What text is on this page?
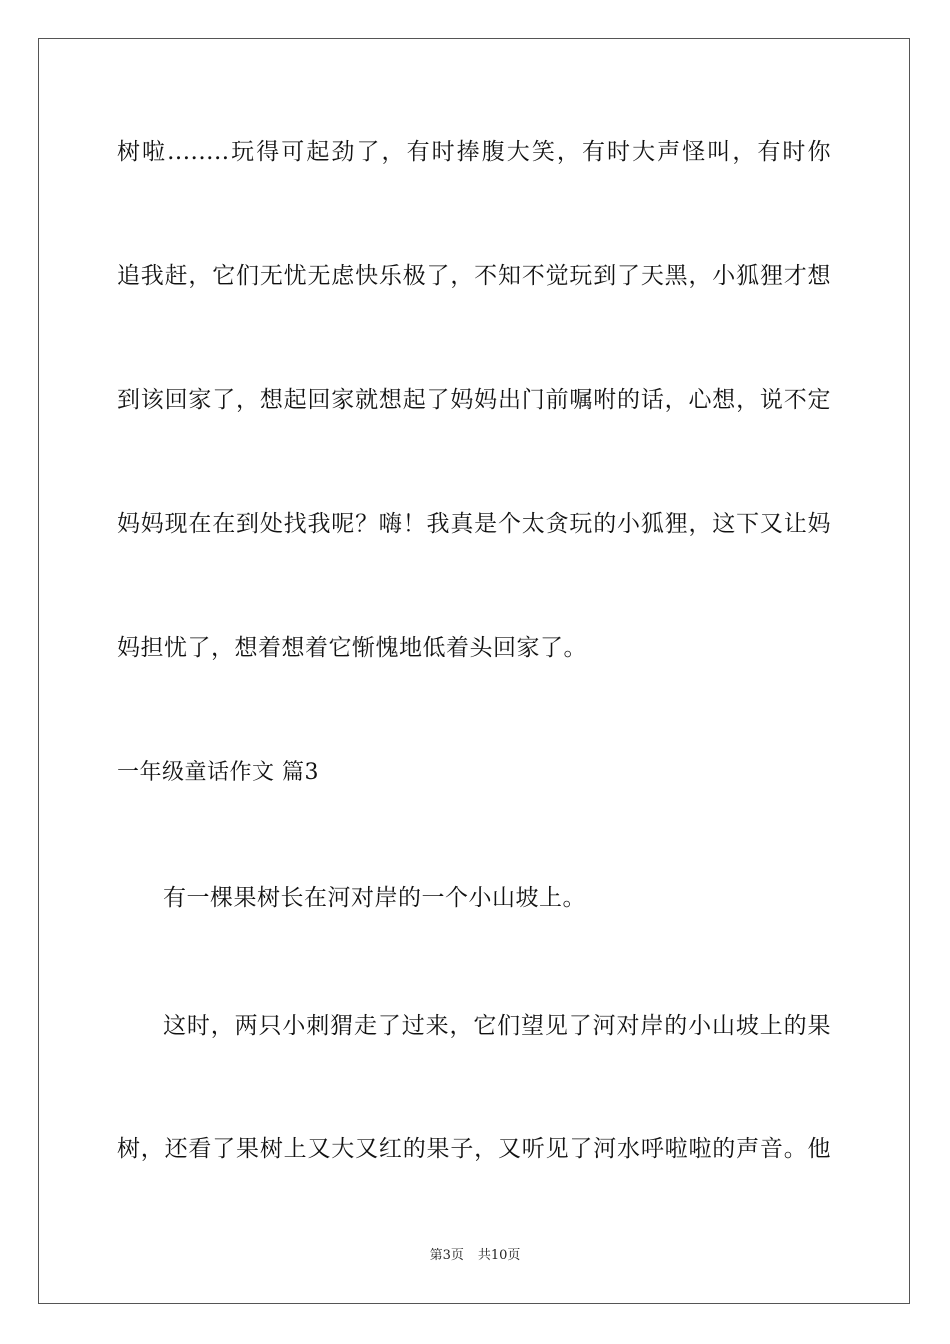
树啦........玩得可起劲了，有时捧腹大笑，有时大声怪叫，有时你
追我赶，它们无忧无虑快乐极了，不知不觉玩到了天黑，小狐狸才想
到该回家了，想起回家就想起了妈妈出门前嘱咐的话，心想，说不定
妈妈现在在到处找我呢？嗨！我真是个太贪玩的小狐狸，这下又让妈
妈担忧了，想着想着它惭愧地低着头回家了。
一年级童话作文 篇3
有一棵果树长在河对岸的一个小山坡上。
这时，两只小刺猬走了过来，它们望见了河对岸的小山坡上的果
树，还看了果树上又大又红的果子，又听见了河水呼啦啦的声音。他
第3页 共10页
